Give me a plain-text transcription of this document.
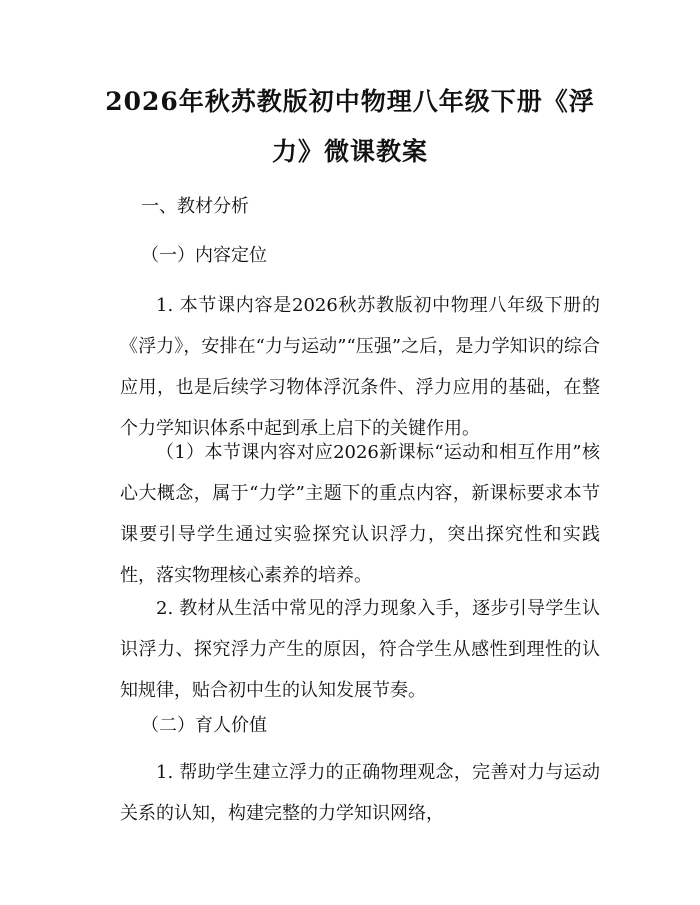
2026年秋苏教版初中物理八年级下册《浮
力》微课教案
一、教材分析
（一）内容定位

1. 本节课内容是2026秋苏教版初中物理八年级下册的《浮力》，安排在“力与运动”“压强”之后，是力学知识的综合应用，也是后续学习物体浮沉条件、浮力应用的基础，在整个力学知识体系中起到承上启下的关键作用。

（1）本节课内容对应2026新课标“运动和相互作用”核心大概念，属于“力学”主题下的重点内容，新课标要求本节课要引导学生通过实验探究认识浮力，突出探究性和实践性，落实物理核心素养的培养。

2. 教材从生活中常见的浮力现象入手，逐步引导学生认识浮力、探究浮力产生的原因，符合学生从感性到理性的认知规律，贴合初中生的认知发展节奏。

（二）育人价值

1. 帮助学生建立浮力的正确物理观念，完善对力与运动关系的认知，构建完整的力学知识网络，
